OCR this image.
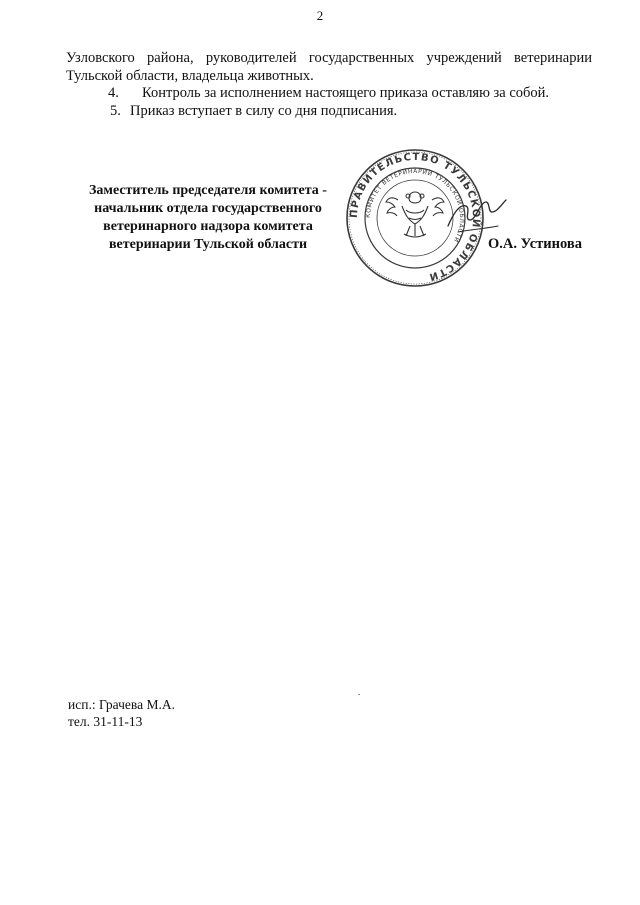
2

Узловского района, руководителей государственных учреждений ветеринарии Тульской области, владельца животных.

4.	Контроль за исполнением настоящего приказа оставляю за собой.

5. Приказ вступает в силу со дня подписания.

Заместитель председателя комитета -
начальник отдела государственного
ветеринарного надзора комитета
ветеринарии Тульской области
ПРАВИТЕЛЬСТВО ТУЛЬСКОЙ ОБЛАСТИ
КОМИТЕТ ВЕТЕРИНАРИИ ТУЛЬСКОЙ ОБЛАСТИ	О.А. Устинова

исп.: Грачева М.А.

тел. 31-11-13
